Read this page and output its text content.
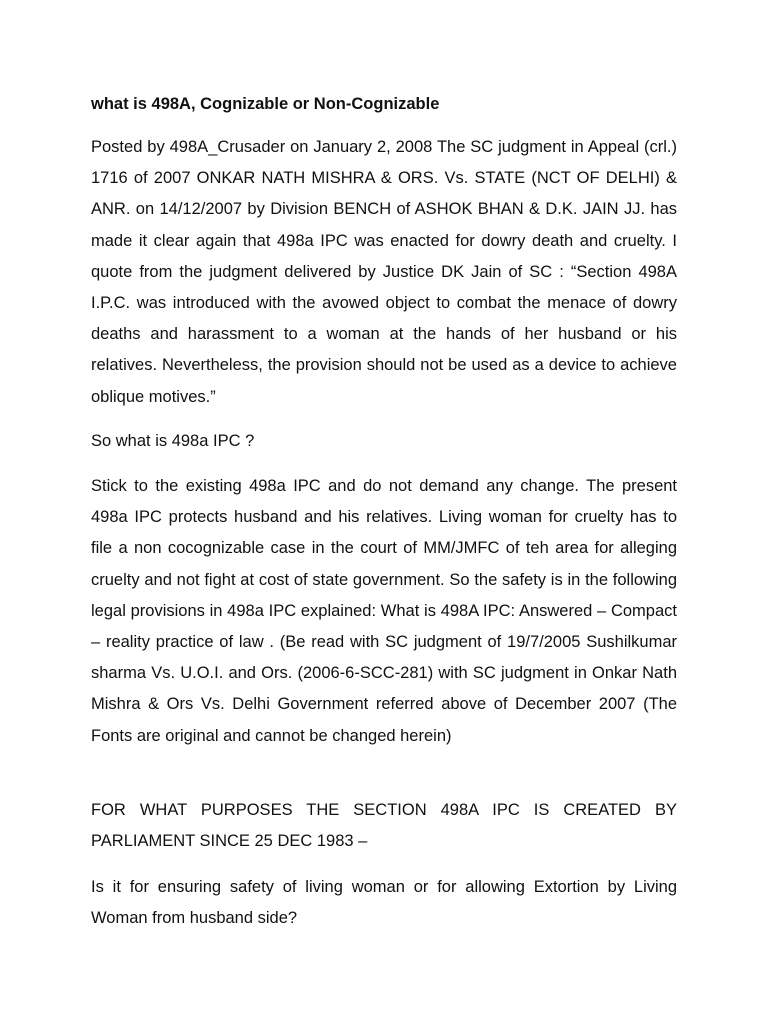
what is 498A, Cognizable or Non-Cognizable

Posted by 498A_Crusader on January 2, 2008 The SC judgment in Appeal (crl.) 1716 of 2007 ONKAR NATH MISHRA & ORS. Vs. STATE (NCT OF DELHI) & ANR. on 14/12/2007 by Division BENCH of ASHOK BHAN & D.K. JAIN JJ. has made it clear again that 498a IPC was enacted for dowry death and cruelty. I quote from the judgment delivered by Justice DK Jain of SC : “Section 498A I.P.C. was introduced with the avowed object to combat the menace of dowry deaths and harassment to a woman at the hands of her husband or his relatives. Nevertheless, the provision should not be used as a device to achieve oblique motives.”

So what is 498a IPC ?

Stick to the existing 498a IPC and do not demand any change. The present 498a IPC protects husband and his relatives. Living woman for cruelty has to file a non cocognizable case in the court of MM/JMFC of teh area for alleging cruelty and not fight at cost of state government. So the safety is in the following legal provisions in 498a IPC explained: What is 498A IPC: Answered – Compact – reality practice of law . (Be read with SC judgment of 19/7/2005 Sushilkumar sharma Vs. U.O.I. and Ors. (2006-6-SCC-281) with SC judgment in Onkar Nath Mishra & Ors Vs. Delhi Government referred above of December 2007 (The Fonts are original and cannot be changed herein)

FOR WHAT PURPOSES THE SECTION 498A IPC IS CREATED BY PARLIAMENT SINCE 25 DEC 1983 –

Is it for ensuring safety of living woman or for allowing Extortion by Living Woman from husband side?
